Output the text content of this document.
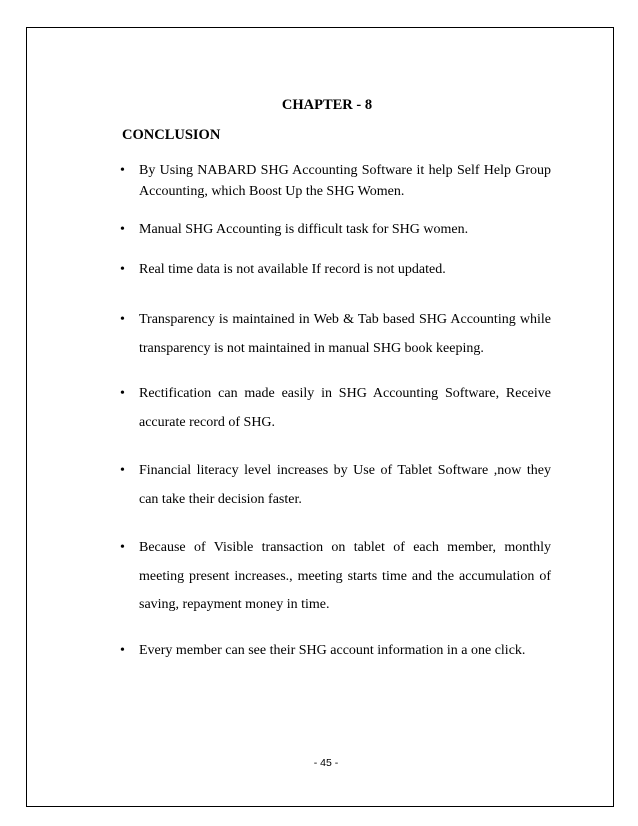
CHAPTER - 8
CONCLUSION
• By Using NABARD SHG Accounting Software it help Self Help Group Accounting, which Boost Up the SHG Women.
• Manual SHG Accounting is difficult task for SHG women.
• Real time data is not available If record is not updated.
• Transparency is maintained in Web & Tab based SHG Accounting while transparency is not maintained in manual SHG book keeping.
• Rectification can made easily in SHG Accounting Software, Receive accurate record of SHG.
• Financial literacy level increases by Use of Tablet Software ,now they can take their decision faster.
• Because of Visible transaction on tablet of each member, monthly meeting present increases., meeting starts time and the accumulation of saving, repayment money in time.
• Every member can see their SHG account information in a one click.
- 45 -
